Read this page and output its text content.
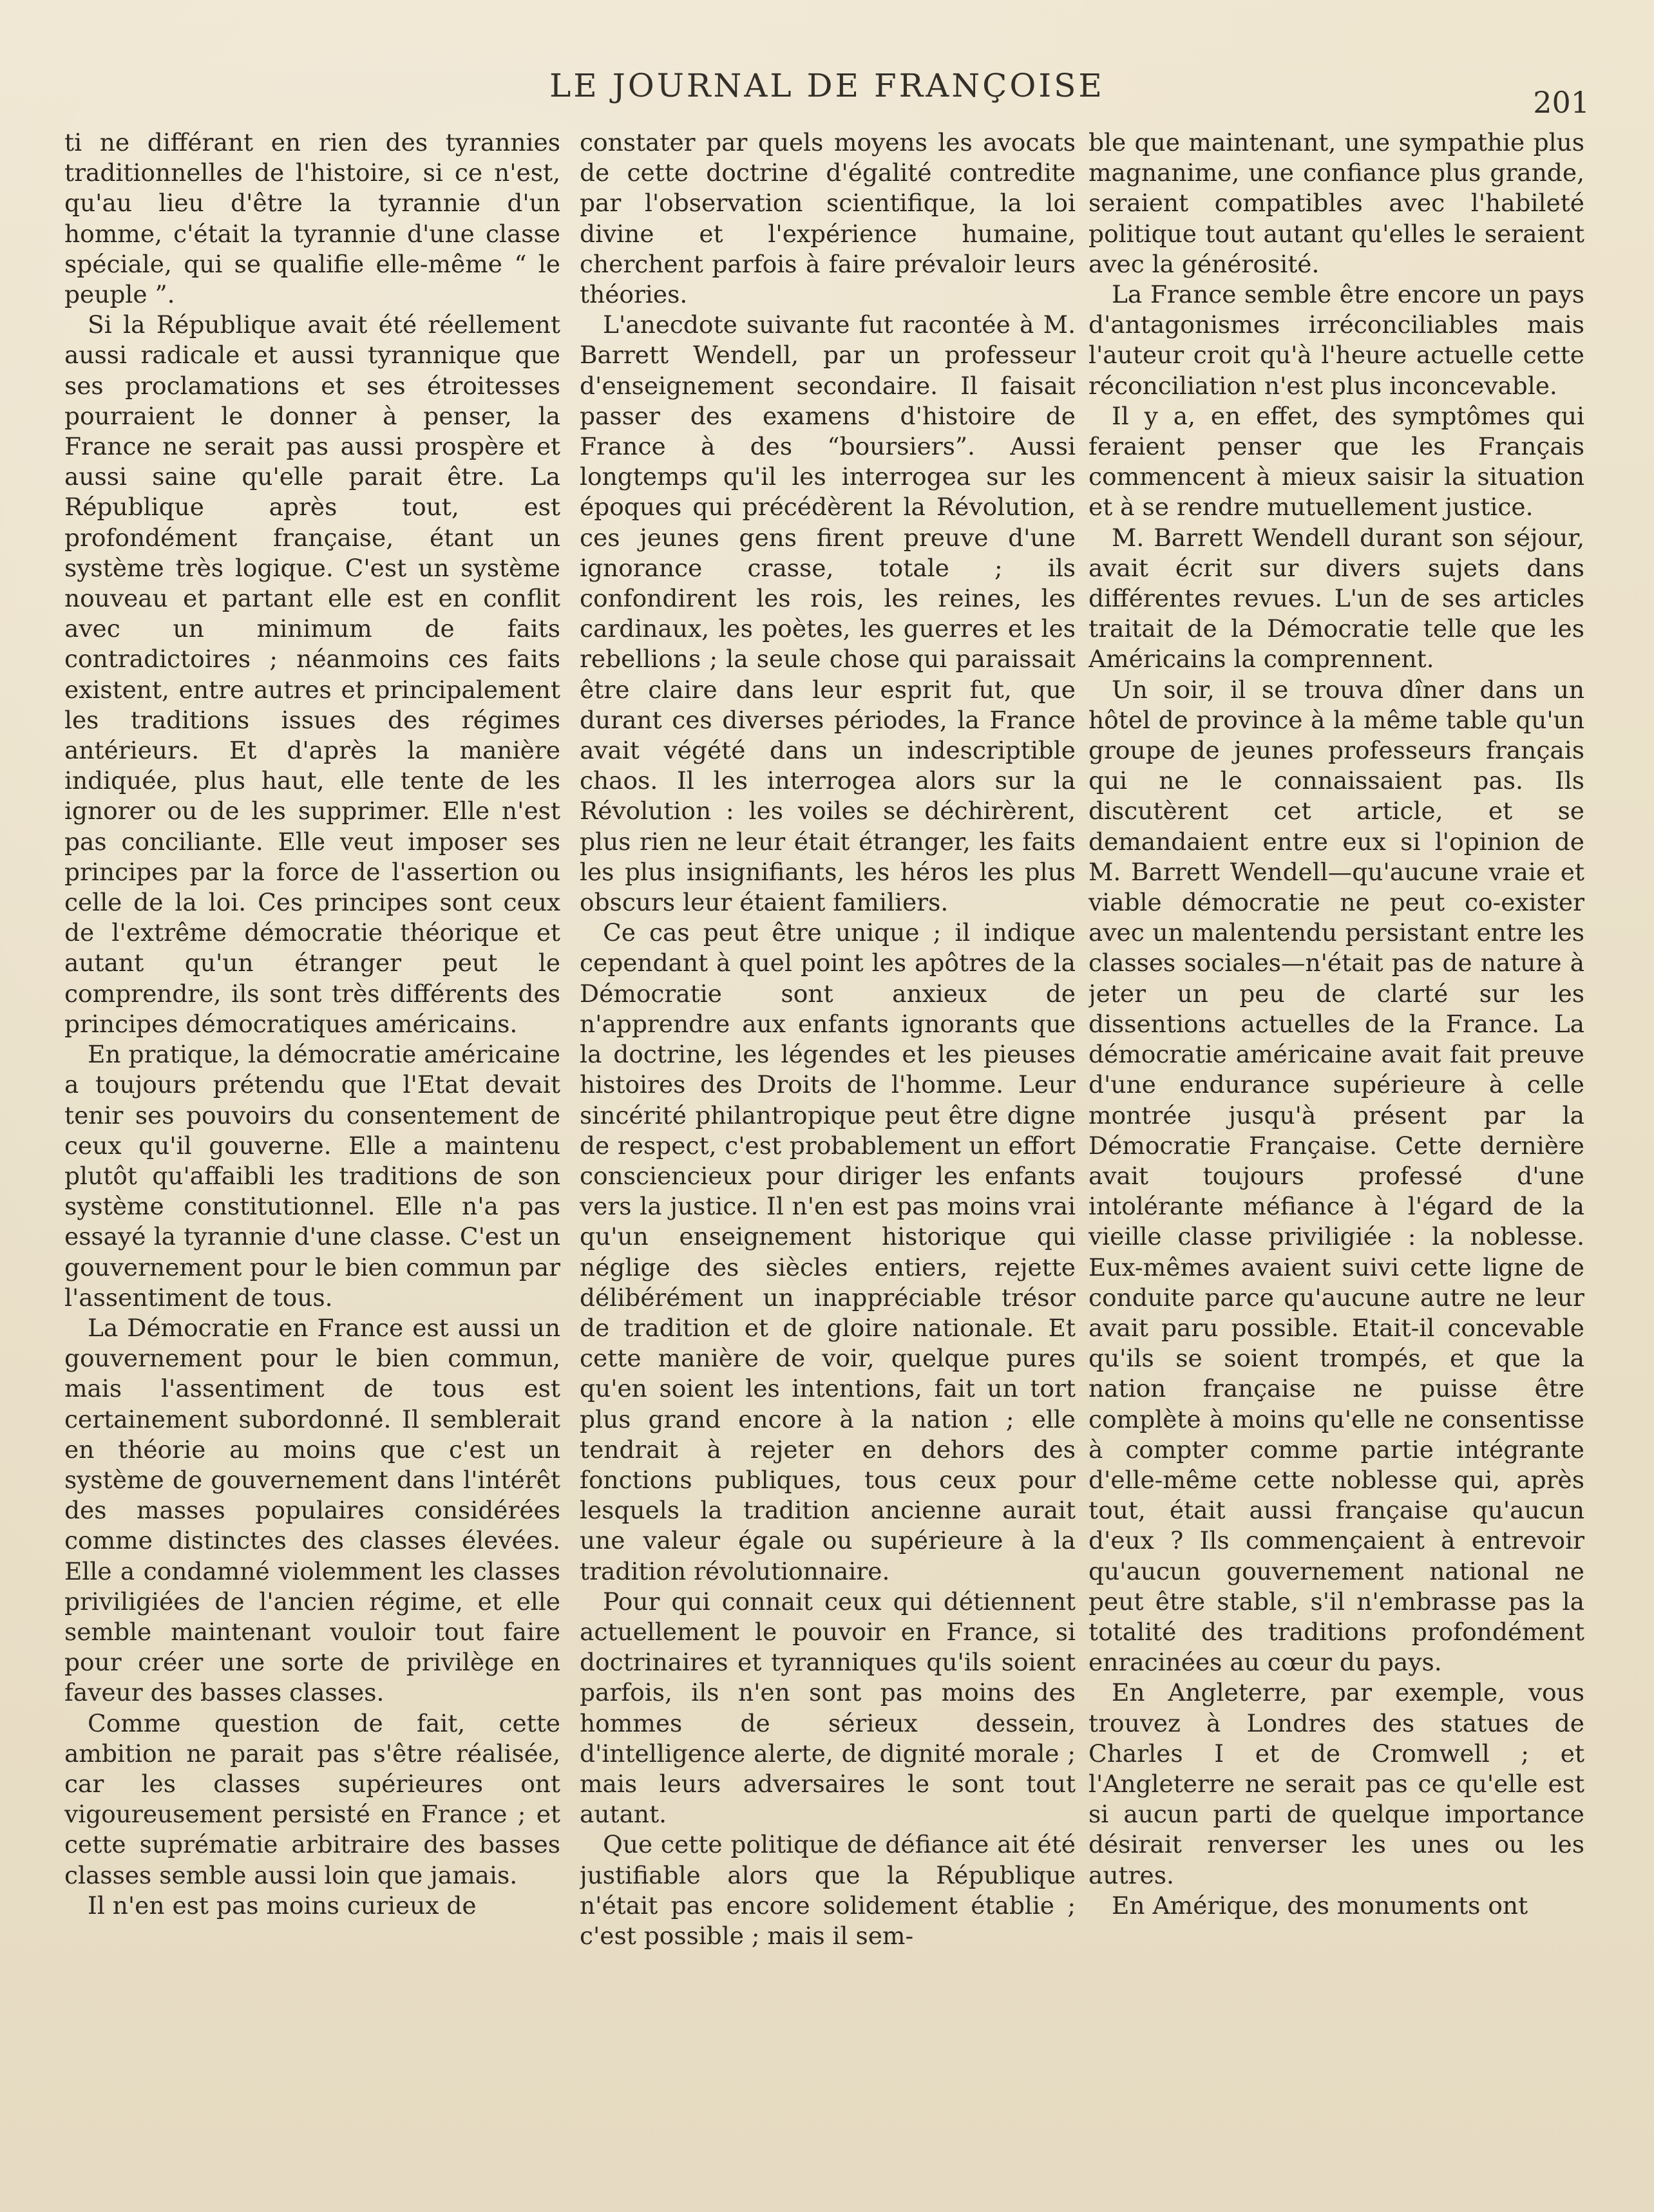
LE JOURNAL DE FRANÇOISE	201

ti ne différant en rien des tyrannies traditionnelles de l'histoire, si ce n'est, qu'au lieu d'être la tyrannie d'un homme, c'était la tyrannie d'une classe spéciale, qui se qualifie elle-même “ le peuple ”.

Si la République avait été réellement aussi radicale et aussi tyrannique que ses proclamations et ses étroitesses pourraient le donner à penser, la France ne serait pas aussi prospère et aussi saine qu'elle parait être. La République après tout, est profondément française, étant un système très logique. C'est un système nouveau et partant elle est en conflit avec un minimum de faits contradictoires ; néanmoins ces faits existent, entre autres et principalement les traditions issues des régimes antérieurs. Et d'après la manière indiquée, plus haut, elle tente de les ignorer ou de les supprimer. Elle n'est pas conciliante. Elle veut imposer ses principes par la force de l'assertion ou celle de la loi. Ces principes sont ceux de l'extrême démocratie théorique et autant qu'un étranger peut le comprendre, ils sont très différents des principes démocratiques américains.

En pratique, la démocratie américaine a toujours prétendu que l'Etat devait tenir ses pouvoirs du consentement de ceux qu'il gouverne. Elle a maintenu plutôt qu'affaibli les traditions de son système constitutionnel. Elle n'a pas essayé la tyrannie d'une classe. C'est un gouvernement pour le bien commun par l'assentiment de tous.

La Démocratie en France est aussi un gouvernement pour le bien commun, mais l'assentiment de tous est certainement subordonné. Il semblerait en théorie au moins que c'est un système de gouvernement dans l'intérêt des masses populaires considérées comme distinctes des classes élevées. Elle a condamné violemment les classes priviligiées de l'ancien régime, et elle semble maintenant vouloir tout faire pour créer une sorte de privilège en faveur des basses classes.

Comme question de fait, cette ambition ne parait pas s'être réalisée, car les classes supérieures ont vigoureusement persisté en France ; et cette suprématie arbitraire des basses classes semble aussi loin que jamais.

Il n'en est pas moins curieux de

constater par quels moyens les avocats de cette doctrine d'égalité contredite par l'observation scientifique, la loi divine et l'expérience humaine, cherchent parfois à faire prévaloir leurs théories.

L'anecdote suivante fut racontée à M. Barrett Wendell, par un professeur d'enseignement secondaire. Il faisait passer des examens d'histoire de France à des “boursiers”. Aussi longtemps qu'il les interrogea sur les époques qui précédèrent la Révolution, ces jeunes gens firent preuve d'une ignorance crasse, totale ; ils confondirent les rois, les reines, les cardinaux, les poètes, les guerres et les rebellions ; la seule chose qui paraissait être claire dans leur esprit fut, que durant ces diverses périodes, la France avait végété dans un indescriptible chaos. Il les interrogea alors sur la Révolution : les voiles se déchirèrent, plus rien ne leur était étranger, les faits les plus insignifiants, les héros les plus obscurs leur étaient familiers.

Ce cas peut être unique ; il indique cependant à quel point les apôtres de la Démocratie sont anxieux de n'apprendre aux enfants ignorants que la doctrine, les légendes et les pieuses histoires des Droits de l'homme. Leur sincérité philantropique peut être digne de respect, c'est probablement un effort consciencieux pour diriger les enfants vers la justice. Il n'en est pas moins vrai qu'un enseignement historique qui néglige des siècles entiers, rejette délibérément un inappréciable trésor de tradition et de gloire nationale. Et cette manière de voir, quelque pures qu'en soient les intentions, fait un tort plus grand encore à la nation ; elle tendrait à rejeter en dehors des fonctions publiques, tous ceux pour lesquels la tradition ancienne aurait une valeur égale ou supérieure à la tradition révolutionnaire.

Pour qui connait ceux qui détiennent actuellement le pouvoir en France, si doctrinaires et tyranniques qu'ils soient parfois, ils n'en sont pas moins des hommes de sérieux dessein, d'intelligence alerte, de dignité morale ; mais leurs adversaires le sont tout autant.

Que cette politique de défiance ait été justifiable alors que la République n'était pas encore solidement établie ; c'est possible ; mais il sem-

ble que maintenant, une sympathie plus magnanime, une confiance plus grande, seraient compatibles avec l'habileté politique tout autant qu'elles le seraient avec la générosité.

La France semble être encore un pays d'antagonismes irréconciliables mais l'auteur croit qu'à l'heure actuelle cette réconciliation n'est plus inconcevable.

Il y a, en effet, des symptômes qui feraient penser que les Français commencent à mieux saisir la situation et à se rendre mutuellement justice.

M. Barrett Wendell durant son séjour, avait écrit sur divers sujets dans différentes revues. L'un de ses articles traitait de la Démocratie telle que les Américains la comprennent.

Un soir, il se trouva dîner dans un hôtel de province à la même table qu'un groupe de jeunes professeurs français qui ne le connaissaient pas. Ils discutèrent cet article, et se demandaient entre eux si l'opinion de M. Barrett Wendell—qu'aucune vraie et viable démocratie ne peut co-exister avec un malentendu persistant entre les classes sociales—n'était pas de nature à jeter un peu de clarté sur les dissentions actuelles de la France. La démocratie américaine avait fait preuve d'une endurance supérieure à celle montrée jusqu'à présent par la Démocratie Française. Cette dernière avait toujours professé d'une intolérante méfiance à l'égard de la vieille classe priviligiée : la noblesse. Eux-mêmes avaient suivi cette ligne de conduite parce qu'aucune autre ne leur avait paru possible. Etait-il concevable qu'ils se soient trompés, et que la nation française ne puisse être complète à moins qu'elle ne consentisse à compter comme partie intégrante d'elle-même cette noblesse qui, après tout, était aussi française qu'aucun d'eux ? Ils commençaient à entrevoir qu'aucun gouvernement national ne peut être stable, s'il n'embrasse pas la totalité des traditions profondément enracinées au cœur du pays.

En Angleterre, par exemple, vous trouvez à Londres des statues de Charles I et de Cromwell ; et l'Angleterre ne serait pas ce qu'elle est si aucun parti de quelque importance désirait renverser les unes ou les autres.

En Amérique, des monuments ont
